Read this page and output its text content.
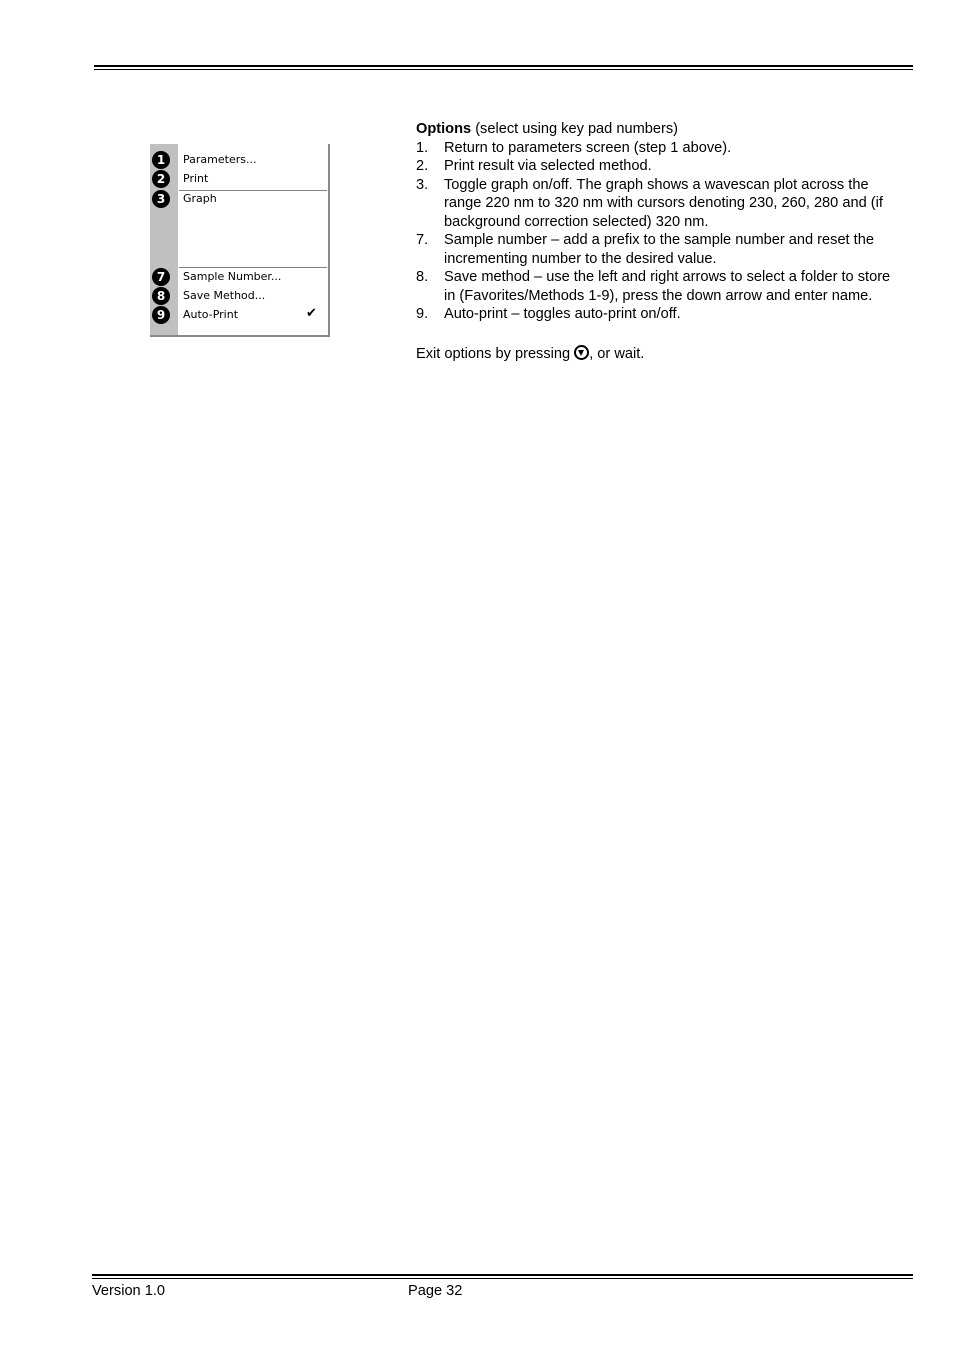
1	Parameters...
2	Print
3	Graph
7	Sample Number...
8	Save Method...
9	Auto-Print	✔
Options (select using key pad numbers)
1. Return to parameters screen (step 1 above).
2. Print result via selected method.
3. Toggle graph on/off. The graph shows a wavescan plot across the range 220 nm to 320 nm with cursors denoting 230, 260, 280 and (if background correction selected) 320 nm.
7. Sample number – add a prefix to the sample number and reset the incrementing number to the desired value.
8. Save method – use the left and right arrows to select a folder to store in (Favorites/Methods 1-9), press the down arrow and enter name.
9. Auto-print – toggles auto-print on/off.
Exit options by pressing , or wait.
Version 1.0	Page 32
